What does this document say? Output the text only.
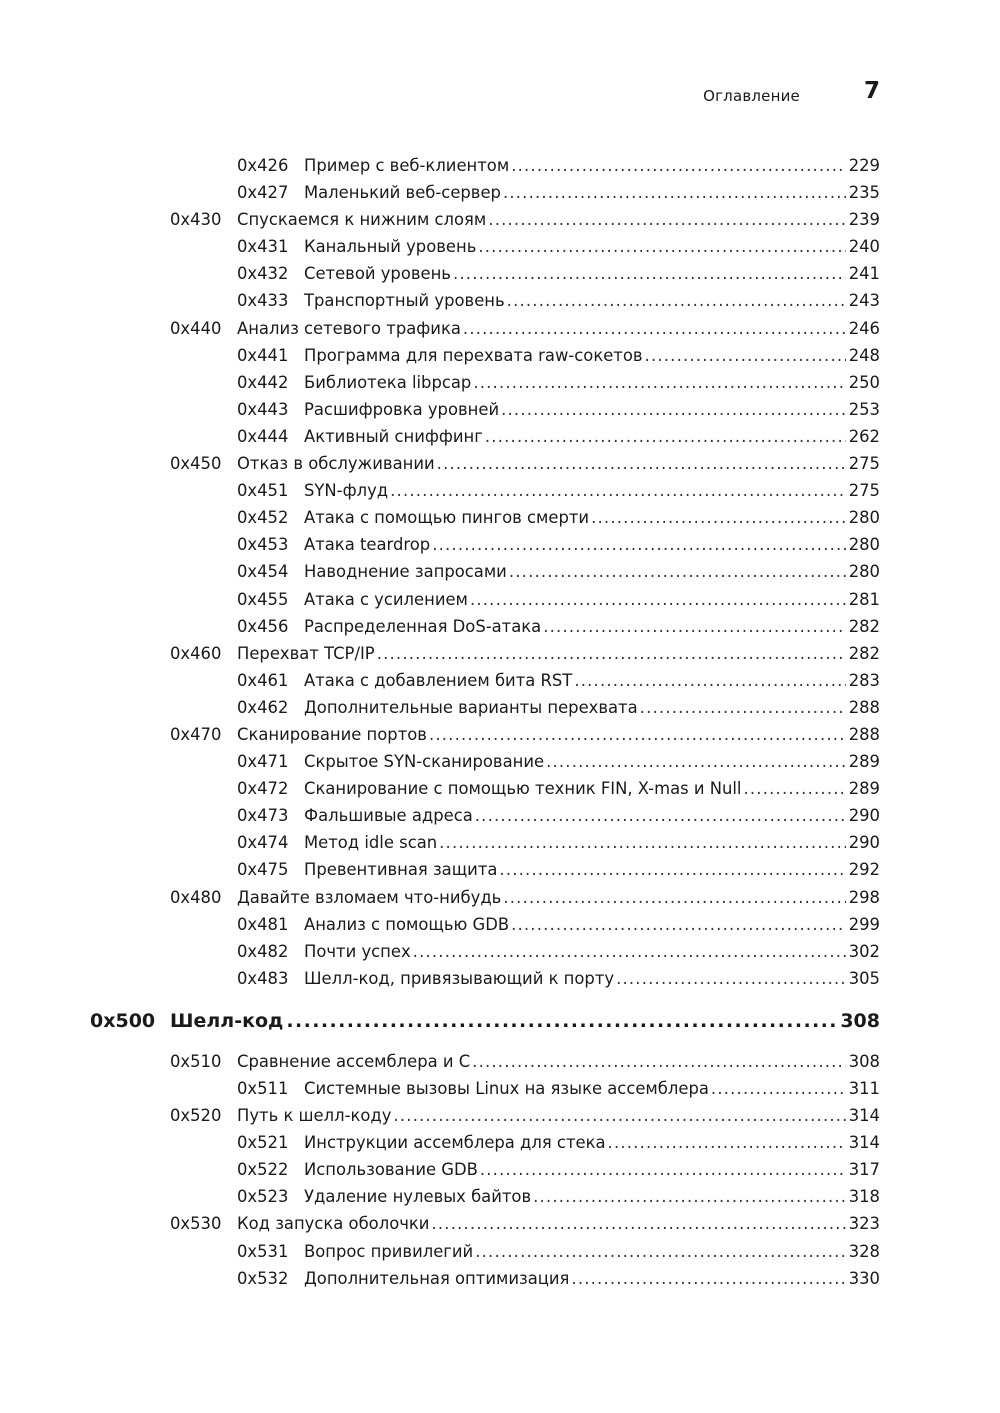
Оглавление	7
0x426 Пример с веб-клиентом .....	229
0x427 Маленький веб-сервер .....	235
0x430 Спускаемся к нижним слоям .....	239
0x431 Канальный уровень .....	240
0x432 Сетевой уровень .....	241
0x433 Транспортный уровень .....	243
0x440 Анализ сетевого трафика .....	246
0x441 Программа для перехвата raw-сокетов .....	248
0x442 Библиотека libpcap .....	250
0x443 Расшифровка уровней .....	253
0x444 Активный сниффинг .....	262
0x450 Отказ в обслуживании .....	275
0x451 SYN-флуд .....	275
0x452 Атака с помощью пингов смерти .....	280
0x453 Атака teardrop .....	280
0x454 Наводнение запросами .....	280
0x455 Атака с усилением .....	281
0x456 Распределенная DoS-атака .....	282
0x460 Перехват TCP/IP .....	282
0x461 Атака с добавлением бита RST .....	283
0x462 Дополнительные варианты перехвата .....	288
0x470 Сканирование портов .....	288
0x471 Скрытое SYN-сканирование .....	289
0x472 Сканирование с помощью техник FIN, X-mas и Null .....	289
0x473 Фальшивые адреса .....	290
0x474 Метод idle scan .....	290
0x475 Превентивная защита .....	292
0x480 Давайте взломаем что-нибудь .....	298
0x481 Анализ с помощью GDB .....	299
0x482 Почти успех .....	302
0x483 Шелл-код, привязывающий к порту .....	305
0x500 Шелл-код .....	308
0x510 Сравнение ассемблера и С .....	308
0x511 Системные вызовы Linux на языке ассемблера .....	311
0x520 Путь к шелл-коду .....	314
0x521 Инструкции ассемблера для стека .....	314
0x522 Использование GDB .....	317
0x523 Удаление нулевых байтов .....	318
0x530 Код запуска оболочки .....	323
0x531 Вопрос привилегий .....	328
0x532 Дополнительная оптимизация .....	330
